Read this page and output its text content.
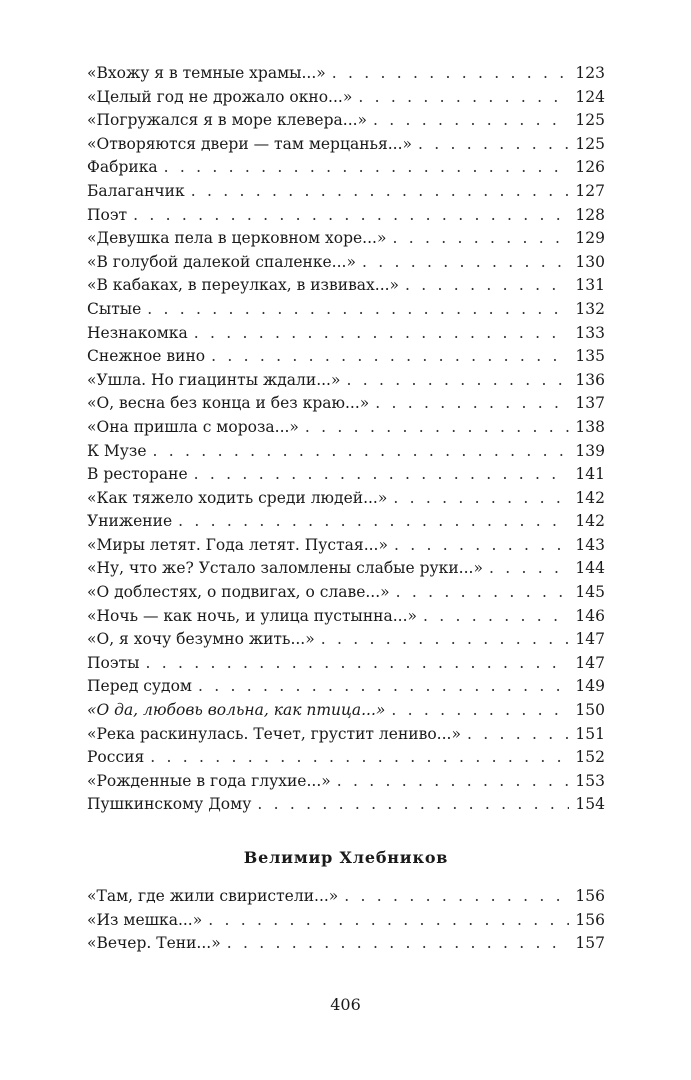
«Вхожу я в темные храмы...» . . .	123
«Целый год не дрожало окно...» . . .	124
«Погружался я в море клевера...» . . .	125
«Отворяются двери — там мерцанья...» . . .	125
Фабрика . . .	126
Балаганчик . . .	127
Поэт . . .	128
«Девушка пела в церковном хоре...» . . .	129
«В голубой далекой спаленке...» . . .	130
«В кабаках, в переулках, в извивах...» . . .	131
Сытые . . .	132
Незнакомка . . .	133
Снежное вино . . .	135
«Ушла. Но гиацинты ждали...» . . .	136
«О, весна без конца и без краю...» . . .	137
«Она пришла с мороза...» . . .	138
К Музе . . .	139
В ресторане . . .	141
«Как тяжело ходить среди людей...» . . .	142
Унижение . . .	142
«Миры летят. Года летят. Пустая...» . . .	143
«Ну, что же? Устало заломлены слабые руки...» . . .	144
«О доблестях, о подвигах, о славе...» . . .	145
«Ночь — как ночь, и улица пустынна...» . . .	146
«О, я хочу безумно жить...» . . .	147
Поэты . . .	147
Перед судом . . .	149
«О да, любовь вольна, как птица...» . . .	150
«Река раскинулась. Течет, грустит лениво...» . . .	151
Россия . . .	152
«Рожденные в года глухие...» . . .	153
Пушкинскому Дому . . .	154
Велимир Хлебников
«Там, где жили свиристели...» . . .	156
«Из мешка...» . . .	156
«Вечер. Тени...» . . .	157
406
